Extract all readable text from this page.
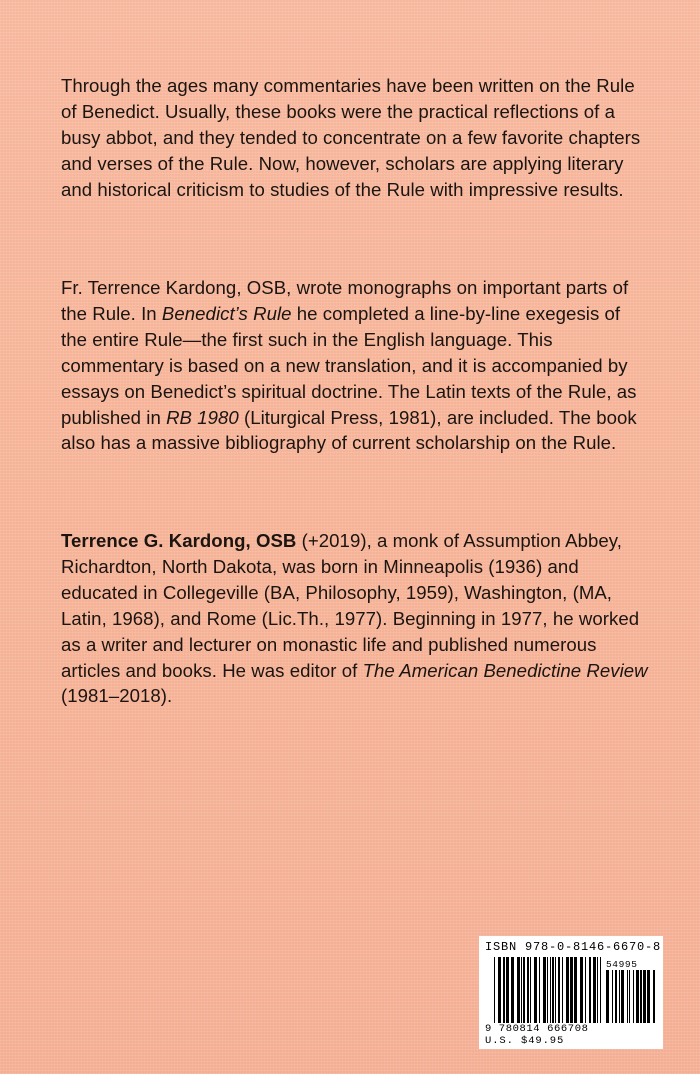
Through the ages many commentaries have been written on the Rule of Benedict. Usually, these books were the practical reflections of a busy abbot, and they tended to concentrate on a few favorite chapters and verses of the Rule. Now, however, scholars are applying literary and historical criticism to studies of the Rule with impressive results.

Fr. Terrence Kardong, OSB, wrote monographs on important parts of the Rule. In Benedict’s Rule he completed a line-by-line exegesis of the entire Rule—the first such in the English language. This commentary is based on a new translation, and it is accompanied by essays on Benedict’s spiritual doctrine. The Latin texts of the Rule, as published in RB 1980 (Liturgical Press, 1981), are included. The book also has a massive bibliography of current scholarship on the Rule.

Terrence G. Kardong, OSB (+2019), a monk of Assumption Abbey, Richardton, North Dakota, was born in Minneapolis (1936) and educated in Collegeville (BA, Philosophy, 1959), Washington, (MA, Latin, 1968), and Rome (Lic.Th., 1977). Beginning in 1977, he worked as a writer and lecturer on monastic life and published numerous articles and books. He was editor of The American Benedictine Review (1981–2018).

ISBN 978-0-8146-6670-8
54995
9 780814 666708
U.S. $49.95
